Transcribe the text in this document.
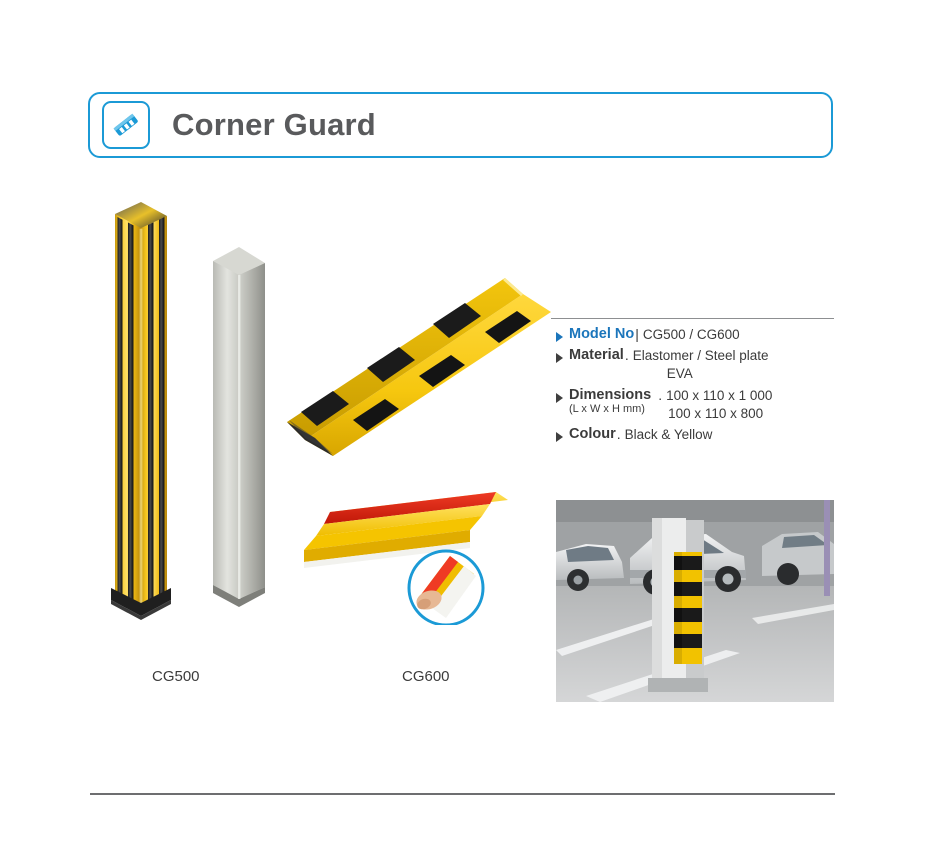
Corner Guard
Model No | CG500 / CG600
Material . Elastomer / Steel plate
EVA
Dimensions
(L x W x H mm)
. 100 x 110 x 1 000
100 x 110 x 800
Colour . Black & Yellow
CG500	CG600
